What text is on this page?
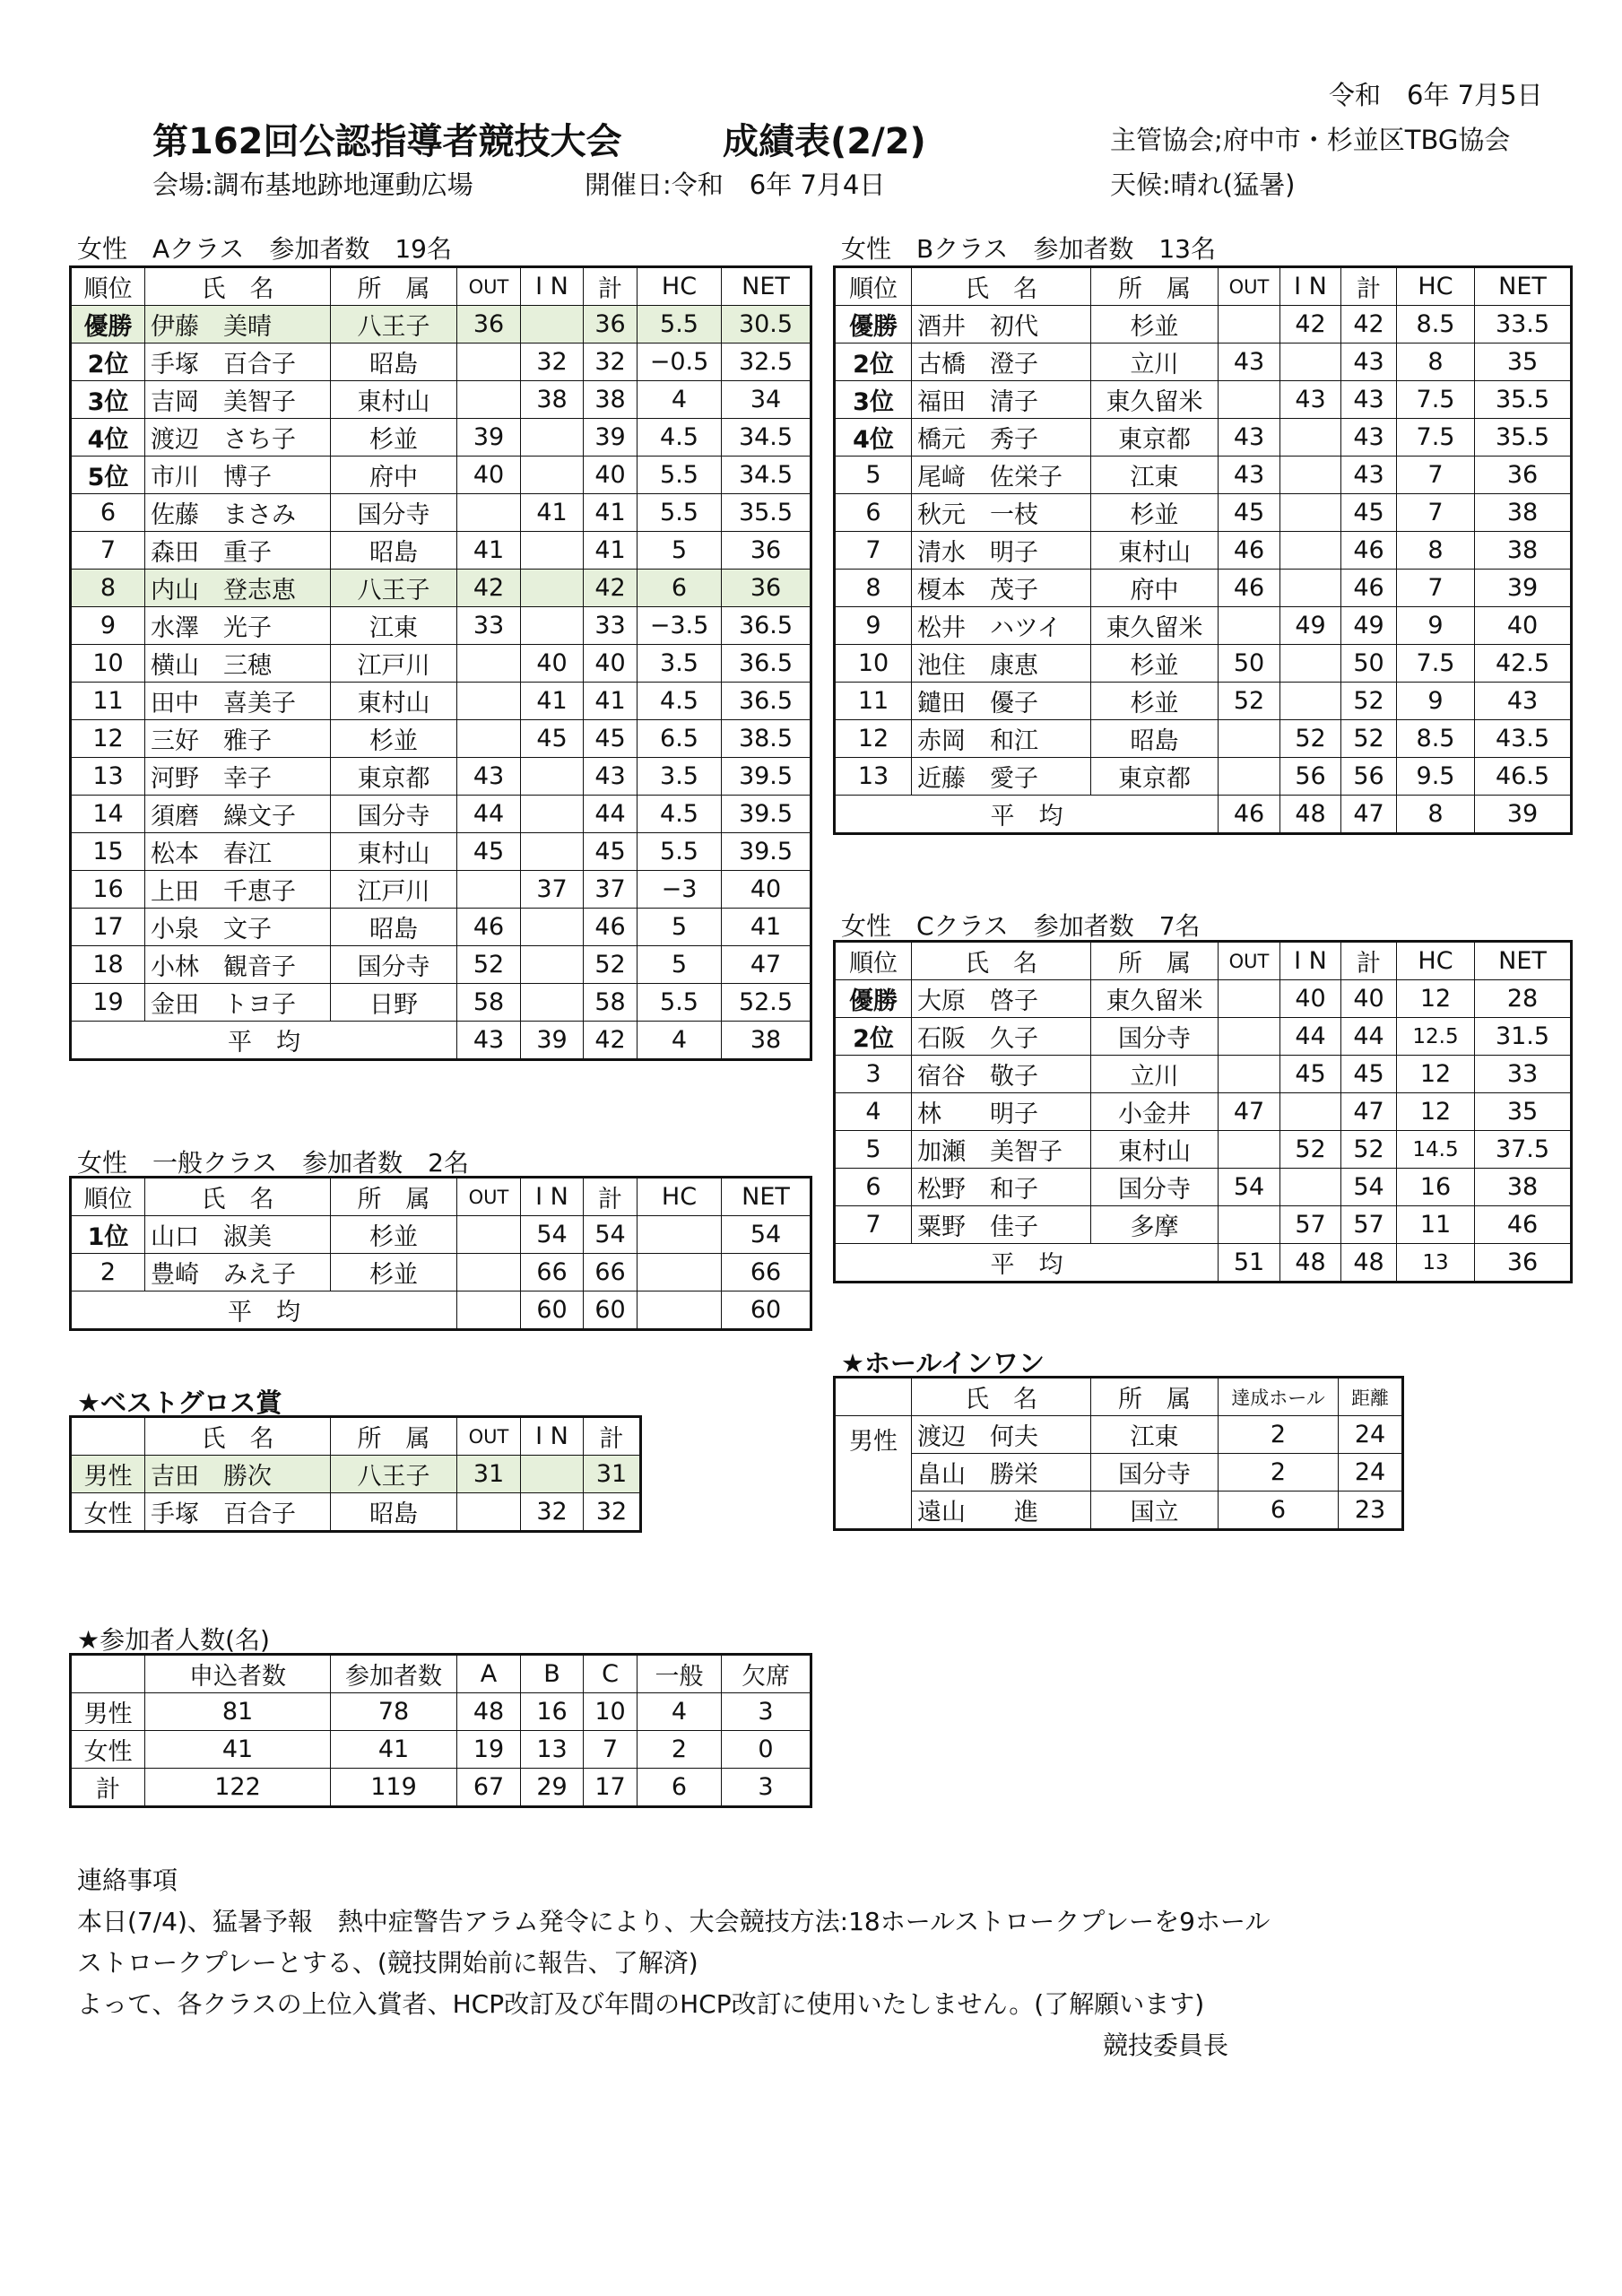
令和　6年 7月5日
第162回公認指導者競技大会	成績表(2/2)	主管協会;府中市・杉並区TBG協会
会場:調布基地跡地運動広場	開催日:令和　6年 7月4日	天候:晴れ(猛暑)
女性　Aクラス　参加者数　19名	女性　Bクラス　参加者数　13名
女性　Cクラス　参加者数　7名
女性　一般クラス　参加者数　2名
★ベストグロス賞
★ホールインワン
★参加者人数(名)
順位	氏　名	所　属	OUT	I N	計	HC	NET
優勝	伊藤　美晴	八王子	36		36	5.5	30.5
2位	手塚　百合子	昭島		32	32	−0.5	32.5
3位	吉岡　美智子	東村山		38	38	4	34
4位	渡辺　さち子	杉並	39		39	4.5	34.5
5位	市川　博子	府中	40		40	5.5	34.5
6	佐藤　まさみ	国分寺		41	41	5.5	35.5
7	森田　重子	昭島	41		41	5	36
8	内山　登志恵	八王子	42		42	6	36
9	水澤　光子	江東	33		33	−3.5	36.5
10	横山　三穂	江戸川		40	40	3.5	36.5
11	田中　喜美子	東村山		41	41	4.5	36.5
12	三好　雅子	杉並		45	45	6.5	38.5
13	河野　幸子	東京都	43		43	3.5	39.5
14	須磨　繰文子	国分寺	44		44	4.5	39.5
15	松本　春江	東村山	45		45	5.5	39.5
16	上田　千恵子	江戸川		37	37	−3	40
17	小泉　文子	昭島	46		46	5	41
18	小林　観音子	国分寺	52		52	5	47
19	金田　トヨ子	日野	58		58	5.5	52.5
平　均			43	39	42	4	38
順位	氏　名	所　属	OUT	I N	計	HC	NET
優勝	酒井　初代	杉並		42	42	8.5	33.5
2位	古橋　澄子	立川	43		43	8	35
3位	福田　清子	東久留米		43	43	7.5	35.5
4位	橋元　秀子	東京都	43		43	7.5	35.5
5	尾﨑　佐栄子	江東	43		43	7	36
6	秋元　一枝	杉並	45		45	7	38
7	清水　明子	東村山	46		46	8	38
8	榎本　茂子	府中	46		46	7	39
9	松井　ハツイ	東久留米		49	49	9	40
10	池住　康恵	杉並	50		50	7.5	42.5
11	鑓田　優子	杉並	52		52	9	43
12	赤岡　和江	昭島		52	52	8.5	43.5
13	近藤　愛子	東京都		56	56	9.5	46.5
平　均			46	48	47	8	39
順位	氏　名	所　属	OUT	I N	計	HC	NET
優勝	大原　啓子	東久留米		40	40	12	28
2位	石阪　久子	国分寺		44	44	12.5	31.5
3	宿谷　敬子	立川		45	45	12	33
4	林　　明子	小金井	47		47	12	35
5	加瀬　美智子	東村山		52	52	14.5	37.5
6	松野　和子	国分寺	54		54	16	38
7	粟野　佳子	多摩		57	57	11	46
平　均			51	48	48	13	36
順位	氏　名	所　属	OUT	I N	計	HC	NET
1位	山口　淑美	杉並		54	54		54
2	豊崎　みえ子	杉並		66	66		66
平　均				60	60		60
	氏　名	所　属	OUT	I N	計
男性	吉田　勝次	八王子	31		31
女性	手塚　百合子	昭島		32	32
	氏　名	所　属	達成ホール	距離
男性	渡辺　何夫	江東	2	24
	畠山　勝栄	国分寺	2	24
	遠山　　進	国立	6	23
	申込者数	参加者数	A	B	C	一般	欠席
男性	81	78	48	16	10	4	3
女性	41	41	19	13	7	2	0
計	122	119	67	29	17	6	3
連絡事項
本日(7/4)、猛暑予報　熱中症警告アラム発令により、大会競技方法:18ホールストロークプレーを9ホール
ストロークプレーとする、(競技開始前に報告、了解済)
よって、各クラスの上位入賞者、HCP改訂及び年間のHCP改訂に使用いたしません。(了解願います)
競技委員長
